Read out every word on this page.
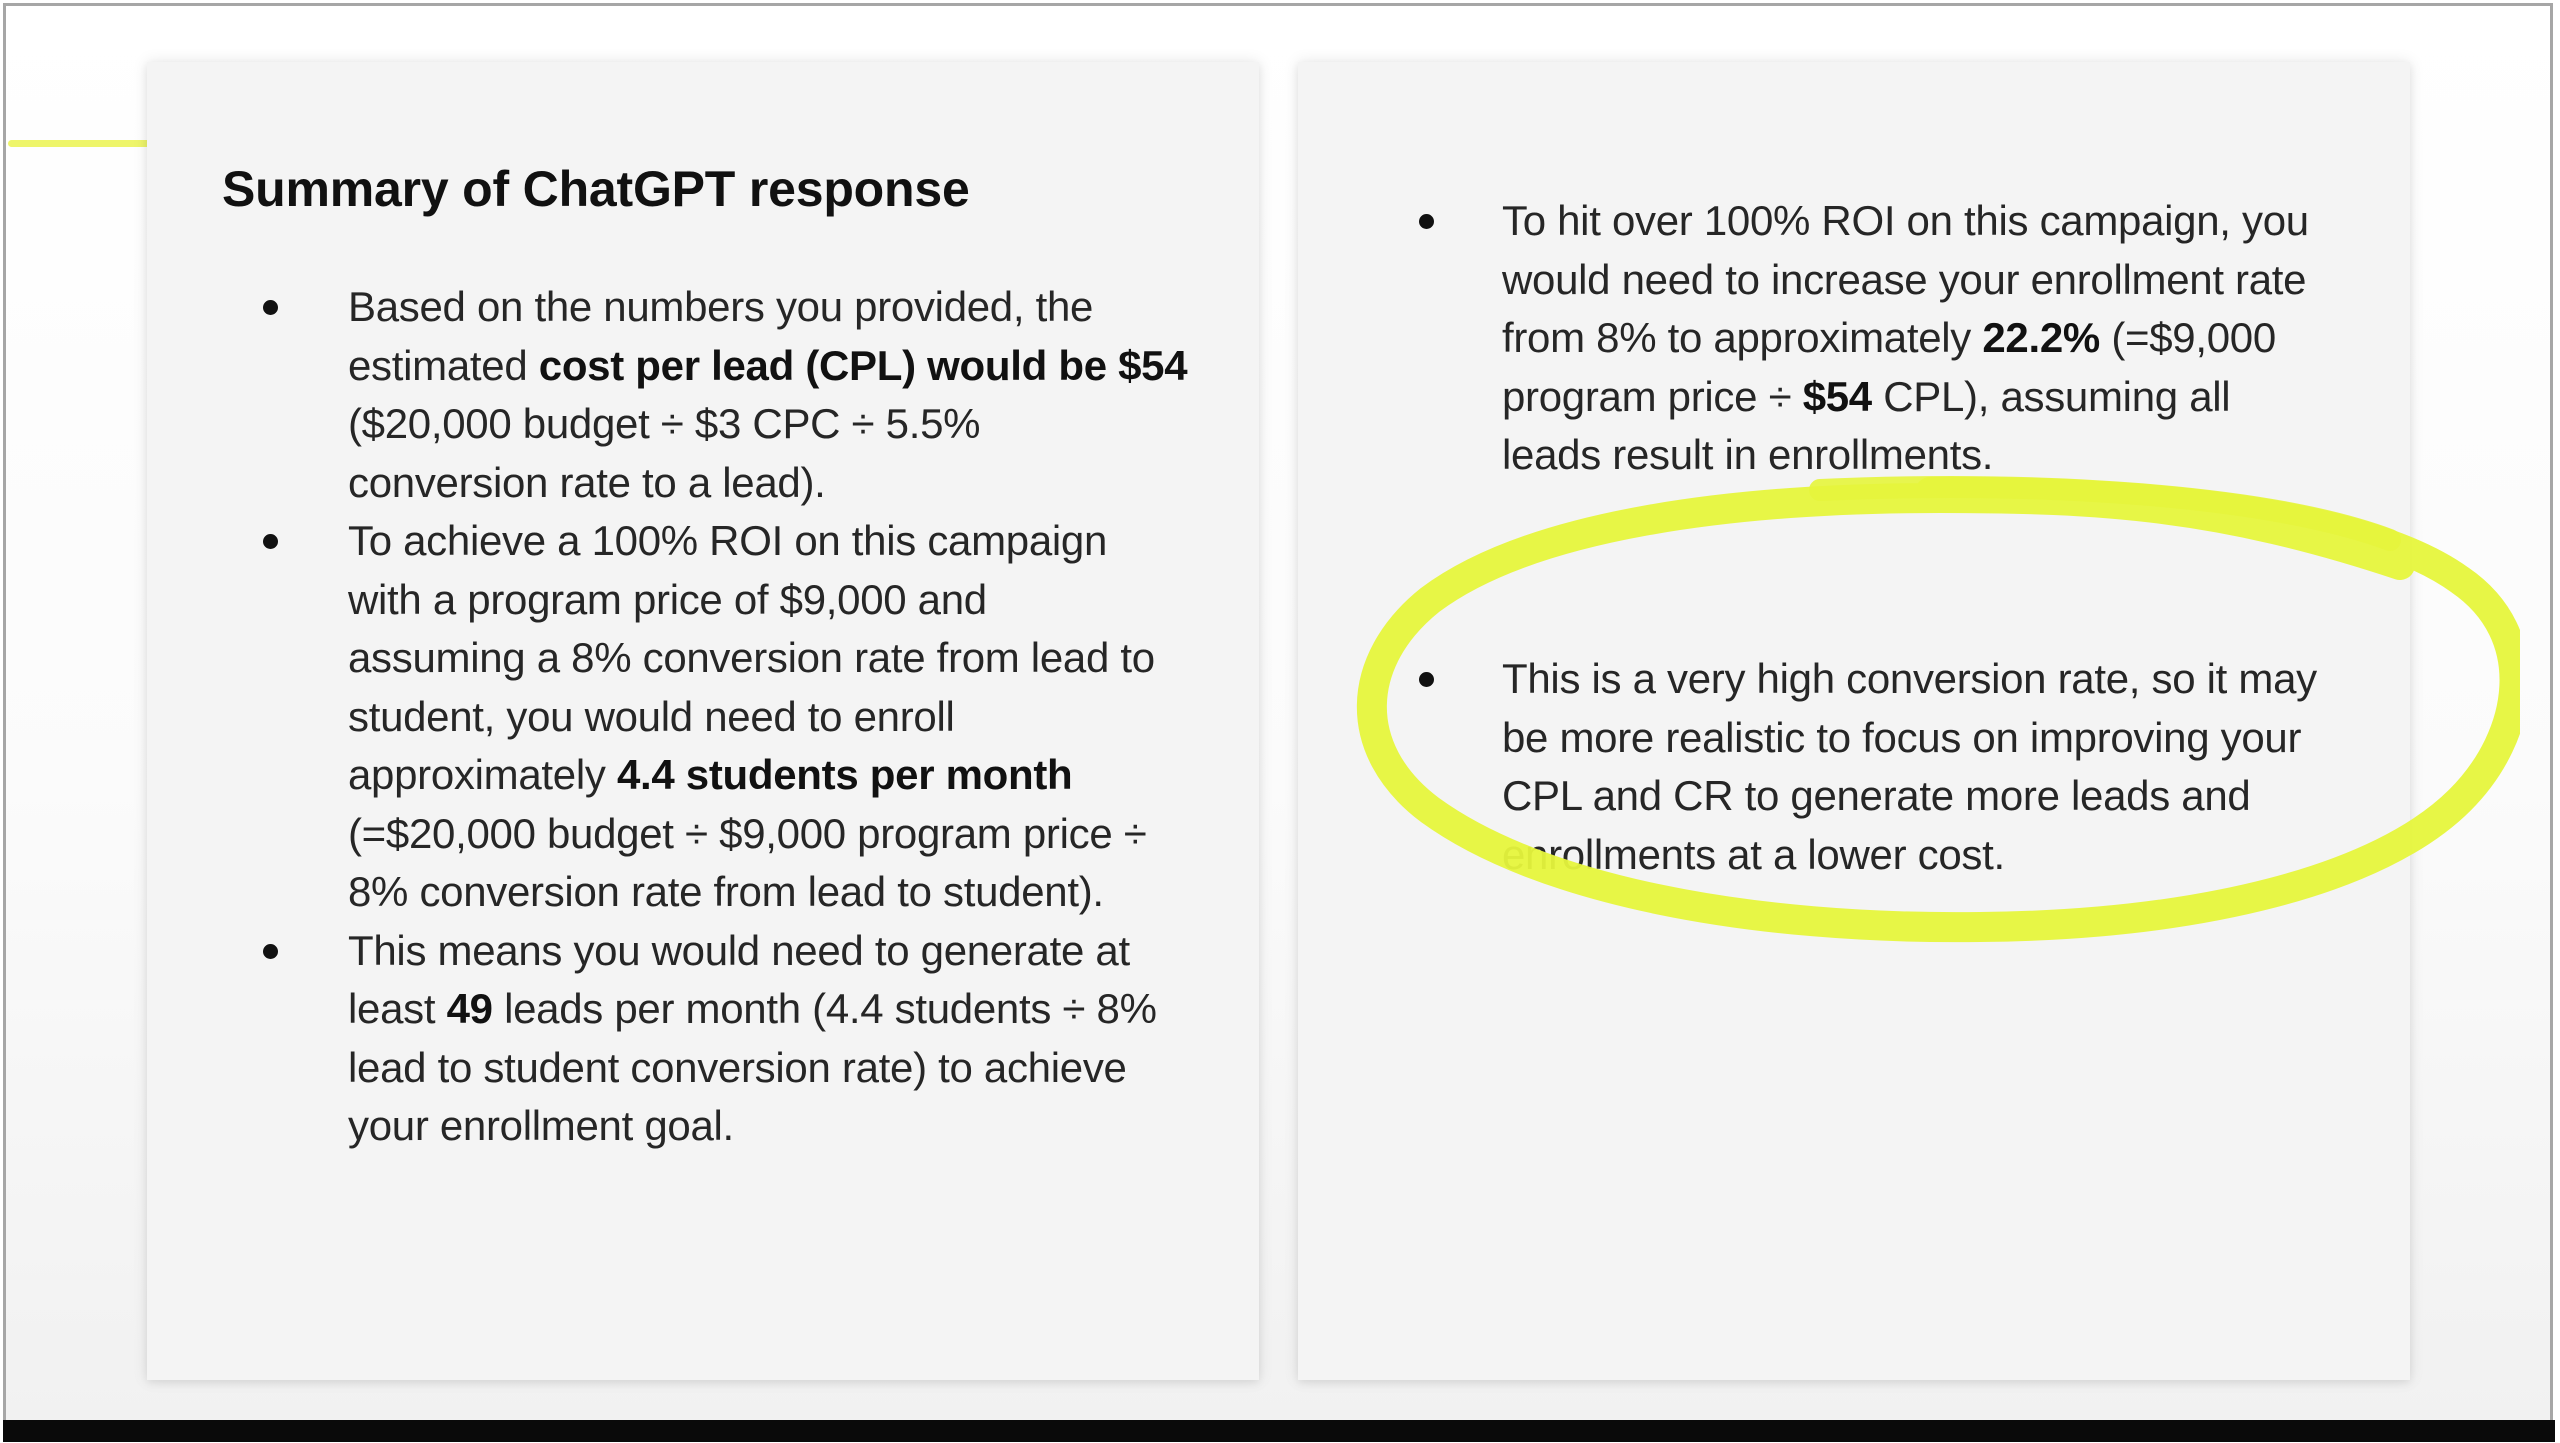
Summary of ChatGPT response
Based on the numbers you provided, the
estimated cost per lead (CPL) would be $54
($20,000 budget ÷ $3 CPC ÷ 5.5%
conversion rate to a lead).
To achieve a 100% ROI on this campaign
with a program price of $9,000 and
assuming a 8% conversion rate from lead to
student, you would need to enroll
approximately 4.4 students per month
(=$20,000 budget ÷ $9,000 program price ÷
8% conversion rate from lead to student).
This means you would need to generate at
least 49 leads per month (4.4 students ÷ 8%
lead to student conversion rate) to achieve
your enrollment goal.
To hit over 100% ROI on this campaign, you
would need to increase your enrollment rate
from 8% to approximately 22.2% (=$9,000
program price ÷ $54 CPL), assuming all
leads result in enrollments.
This is a very high conversion rate, so it may
be more realistic to focus on improving your
CPL and CR to generate more leads and
enrollments at a lower cost.
